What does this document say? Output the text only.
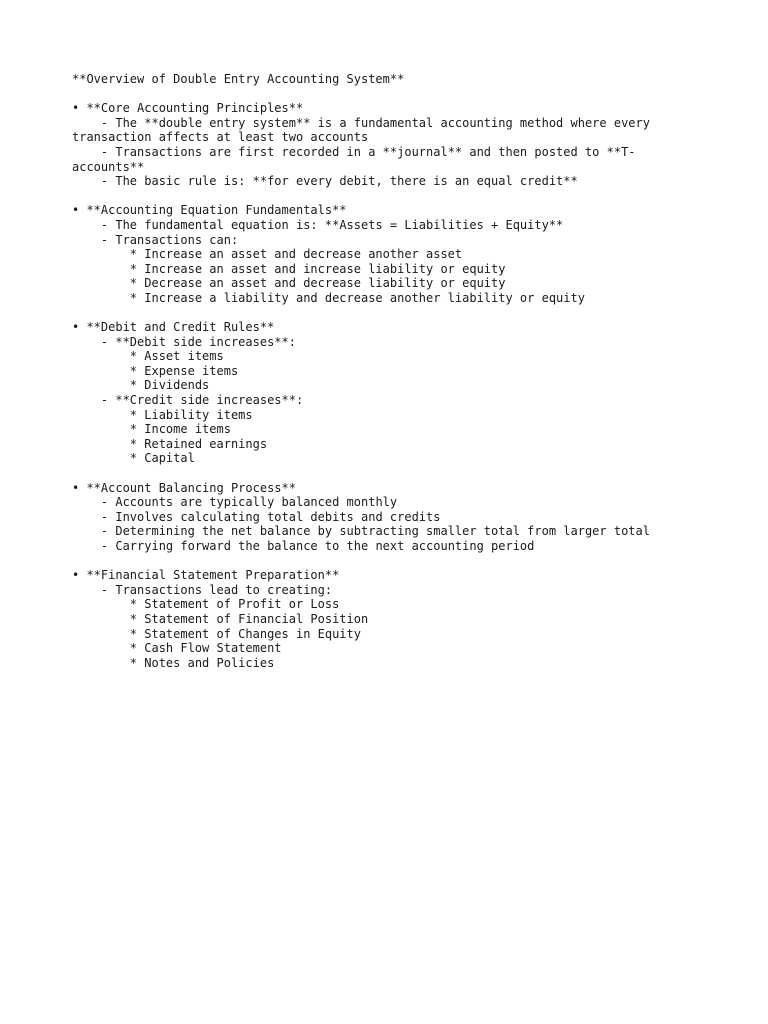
**Overview of Double Entry Accounting System**

• **Core Accounting Principles**

- The **double entry system** is a fundamental accounting method where every transaction affects at least two accounts

- Transactions are first recorded in a **journal** and then posted to **T-accounts**

- The basic rule is: **for every debit, there is an equal credit**

• **Accounting Equation Fundamentals**

- The fundamental equation is: **Assets = Liabilities + Equity**

- Transactions can:

* Increase an asset and decrease another asset

* Increase an asset and increase liability or equity

* Decrease an asset and decrease liability or equity

* Increase a liability and decrease another liability or equity

• **Debit and Credit Rules**

- **Debit side increases**:

* Asset items

* Expense items

* Dividends

- **Credit side increases**:

* Liability items

* Income items

* Retained earnings

* Capital

• **Account Balancing Process**

- Accounts are typically balanced monthly

- Involves calculating total debits and credits

- Determining the net balance by subtracting smaller total from larger total

- Carrying forward the balance to the next accounting period

• **Financial Statement Preparation**

- Transactions lead to creating:

* Statement of Profit or Loss

* Statement of Financial Position

* Statement of Changes in Equity

* Cash Flow Statement

* Notes and Policies
